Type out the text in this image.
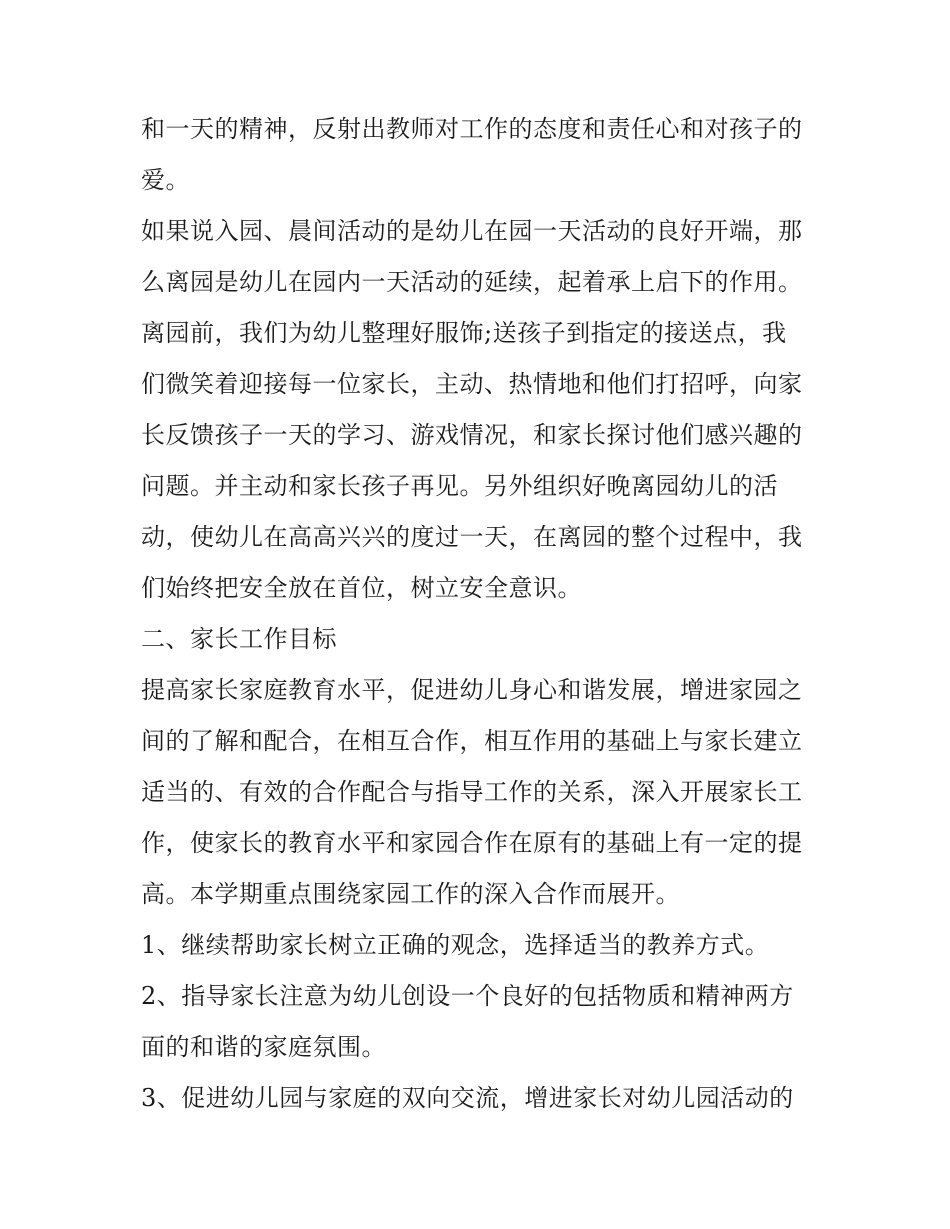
和一天的精神，反射出教师对工作的态度和责任心和对孩子的
爱。
如果说入园、晨间活动的是幼儿在园一天活动的良好开端，那
么离园是幼儿在园内一天活动的延续，起着承上启下的作用。
离园前，我们为幼儿整理好服饰;送孩子到指定的接送点，我
们微笑着迎接每一位家长，主动、热情地和他们打招呼，向家
长反馈孩子一天的学习、游戏情况，和家长探讨他们感兴趣的
问题。并主动和家长孩子再见。另外组织好晚离园幼儿的活
动，使幼儿在高高兴兴的度过一天，在离园的整个过程中，我
们始终把安全放在首位，树立安全意识。
二、家长工作目标
提高家长家庭教育水平，促进幼儿身心和谐发展，增进家园之
间的了解和配合，在相互合作，相互作用的基础上与家长建立
适当的、有效的合作配合与指导工作的关系，深入开展家长工
作，使家长的教育水平和家园合作在原有的基础上有一定的提
高。本学期重点围绕家园工作的深入合作而展开。
1、继续帮助家长树立正确的观念，选择适当的教养方式。
2、指导家长注意为幼儿创设一个良好的包括物质和精神两方
面的和谐的家庭氛围。
3、促进幼儿园与家庭的双向交流，增进家长对幼儿园活动的
